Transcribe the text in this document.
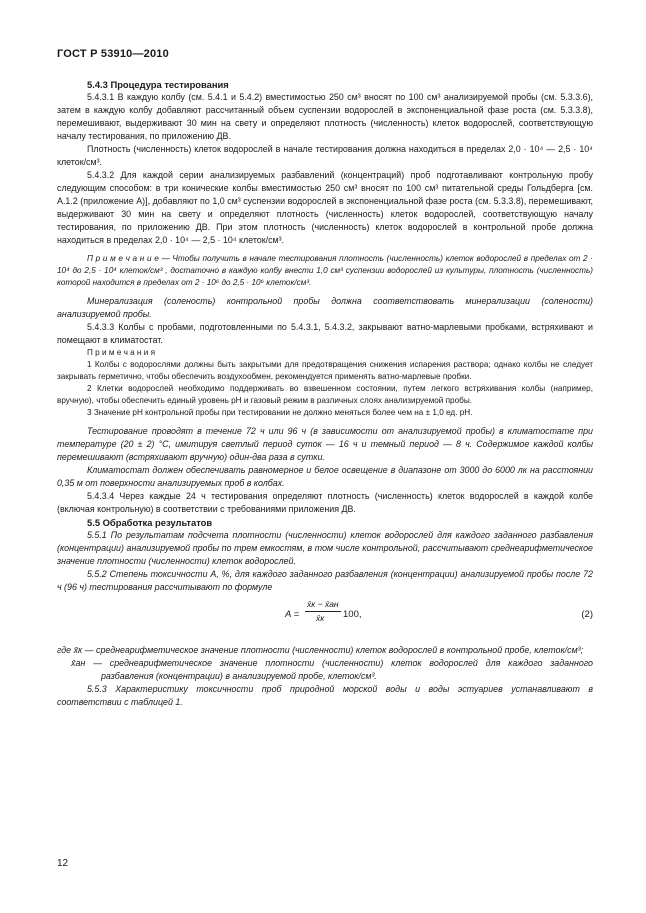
ГОСТ Р 53910—2010

5.4.3 Процедура тестирования

5.4.3.1 В каждую колбу (см. 5.4.1 и 5.4.2) вместимостью 250 см³ вносят по 100 см³ анализируемой пробы (см. 5.3.3.6), затем в каждую колбу добавляют рассчитанный объем суспензии водорослей в экспоненциальной фазе роста (см. 5.3.3.8), перемешивают, выдерживают 30 мин на свету и определяют плотность (численность) клеток водорослей, соответствующую началу тестирования, по приложению ДВ.

Плотность (численность) клеток водорослей в начале тестирования должна находиться в пределах 2,0 · 10⁴ — 2,5 · 10⁴ клеток/см³.

5.4.3.2 Для каждой серии анализируемых разбавлений (концентраций) проб подготавливают контрольную пробу следующим способом: в три конические колбы вместимостью 250 см³ вносят по 100 см³ питательной среды Гольдберга [см. А.1.2 (приложение А)], добавляют по 1,0 см³ суспензии водорослей в экспоненциальной фазе роста (см. 5.3.3.8), перемешивают, выдерживают 30 мин на свету и определяют плотность (численность) клеток водорослей, соответствующую началу тестирования, по приложению ДВ. При этом плотность (численность) клеток водорослей в контрольной пробе должна находиться в пределах 2,0 · 10⁴ — 2,5 · 10⁴ клеток/см³.

П р и м е ч а н и е — Чтобы получить в начале тестирования плотность (численность) клеток водорослей в пределах от 2 · 10⁴ до 2,5 · 10⁴ клеток/см³ , достаточно в каждую колбу внести 1,0 см³ суспензии водорослей из культуры, плотность (численность) которой находится в пределах от 2 · 10⁶ до 2,5 · 10⁶ клеток/см³.

Минерализация (соленость) контрольной пробы должна соответствовать минерализации (солености) анализируемой пробы.

5.4.3.3 Колбы с пробами, подготовленными по 5.4.3.1, 5.4.3.2, закрывают ватно-марлевыми пробками, встряхивают и помещают в климатостат.

П р и м е ч а н и я

1 Колбы с водорослями должны быть закрытыми для предотвращения снижения испарения раствора; однако колбы не следует закрывать герметично, чтобы обеспечить воздухообмен, рекомендуется применять ватно-марлевые пробки.

2 Клетки водорослей необходимо поддерживать во взвешенном состоянии, путем легкого встряхивания колбы (например, вручную), чтобы обеспечить единый уровень pH и газовый режим в различных слоях анализируемой пробы.

3 Значение pH контрольной пробы при тестировании не должно меняться более чем на ± 1,0 ед. pH.

Тестирование проводят в течение 72 ч или 96 ч (в зависимости от анализируемой пробы) в климатостате при температуре (20 ± 2) °С, имитируя светлый период суток — 16 ч и темный период — 8 ч. Содержимое каждой колбы перемешивают (встряхивают вручную) один-два раза в сутки.

Климатостат должен обеспечивать равномерное и белое освещение в диапазоне от 3000 до 6000 лк на расстоянии 0,35 м от поверхности анализируемых проб в колбах.

5.4.3.4 Через каждые 24 ч тестирования определяют плотность (численность) клеток водорослей в каждой колбе (включая контрольную) в соответствии с требованиями приложения ДВ.

5.5 Обработка результатов

5.5.1 По результатам подсчета плотности (численности) клеток водорослей для каждого заданного разбавления (концентрации) анализируемой пробы по трем емкостям, в том числе контрольной, рассчитывают среднеарифметическое значение плотности (численности) клеток водорослей.

5.5.2 Степень токсичности А, %, для каждого заданного разбавления (концентрации) анализируемой пробы после 72 ч (96 ч) тестирования рассчитывают по формуле

A =
x̄к − x̄ан
x̄к 100,	(2)

где x̄к — среднеарифметическое значение плотности (численности) клеток водорослей в контрольной пробе, клеток/см³;

x̄ан — среднеарифметическое значение плотности (численности) клеток водорослей для каждого заданного разбавления (концентрации) в анализируемой пробе, клеток/см³.

5.5.3 Характеристику токсичности проб природной морской воды и воды эстуариев устанавливают в соответствии с таблицей 1.

12
